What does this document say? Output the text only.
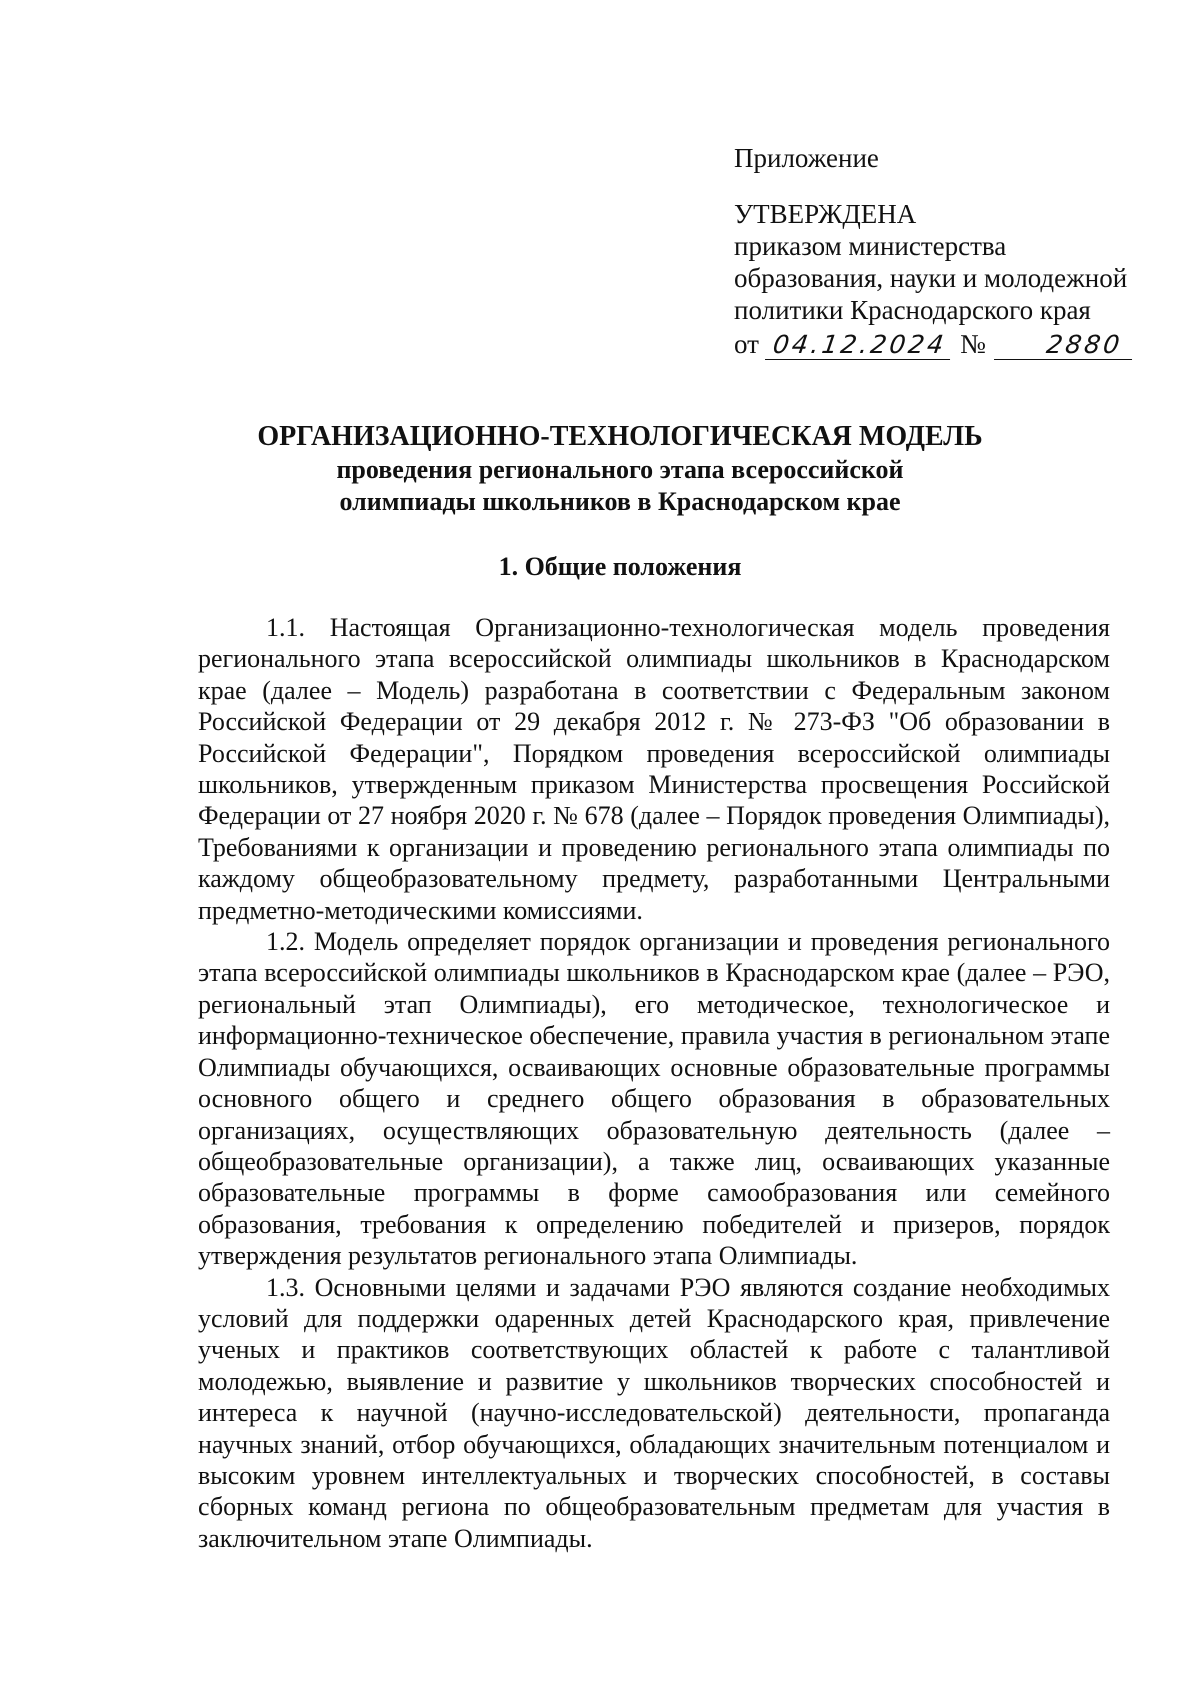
Приложение

УТВЕРЖДЕНА

приказом министерства

образования, науки и молодежной

политики Краснодарского края

от 04.12.2024 №	2880

ОРГАНИЗАЦИОННО-ТЕХНОЛОГИЧЕСКАЯ МОДЕЛЬ

проведения регионального этапа всероссийской

олимпиады школьников в Краснодарском крае

1. Общие положения

1.1. Настоящая Организационно-технологическая модель проведения регионального этапа всероссийской олимпиады школьников в Краснодарском крае (далее – Модель) разработана в соответствии с Федеральным законом Российской Федерации от 29 декабря 2012 г. № 273-ФЗ "Об образовании в Российской Федерации", Порядком проведения всероссийской олимпиады школьников, утвержденным приказом Министерства просвещения Российской Федерации от 27 ноября 2020 г. № 678 (далее – Порядок проведения Олимпиады), Требованиями к организации и проведению регионального этапа олимпиады по каждому общеобразовательному предмету, разработанными Центральными предметно-методическими комиссиями.

1.2. Модель определяет порядок организации и проведения регионального этапа всероссийской олимпиады школьников в Краснодарском крае (далее – РЭО, региональный этап Олимпиады), его методическое, технологическое и информационно-техническое обеспечение, правила участия в региональном этапе Олимпиады обучающихся, осваивающих основные образовательные программы основного общего и среднего общего образования в образовательных организациях, осуществляющих образовательную деятельность (далее – общеобразовательные организации), а также лиц, осваивающих указанные образовательные программы в форме самообразования или семейного образования, требования к определению победителей и призеров, порядок утверждения результатов регионального этапа Олимпиады.

1.3. Основными целями и задачами РЭО являются создание необходимых условий для поддержки одаренных детей Краснодарского края, привлечение ученых и практиков соответствующих областей к работе с талантливой молодежью, выявление и развитие у школьников творческих способностей и интереса к научной (научно-исследовательской) деятельности, пропаганда научных знаний, отбор обучающихся, обладающих значительным потенциалом и высоким уровнем интеллектуальных и творческих способностей, в составы сборных команд региона по общеобразовательным предметам для участия в заключительном этапе Олимпиады.
